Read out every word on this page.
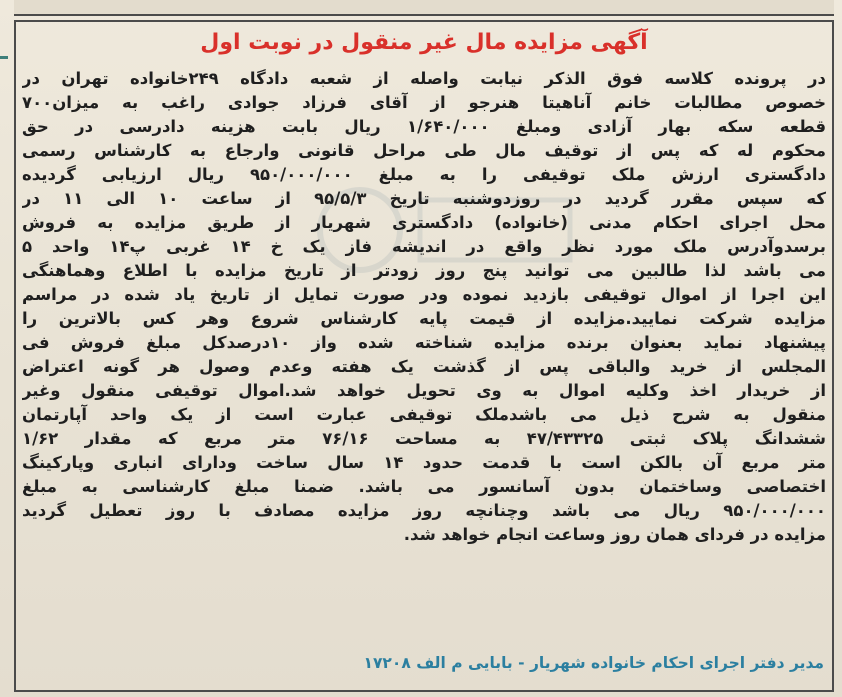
آگهی مزایده مال غیر منقول در نوبت اول
در پرونده کلاسه فوق الذکر نیابت واصله از شعبه دادگاه ۲۴۹خانواده تهران در
خصوص مطالبات خانم آناهیتا هنرجو از آقای فرزاد جوادی راغب به میزان۷۰۰
قطعه سکه بهار آزادی ومبلغ ۱/۶۴۰/۰۰۰ ریال بابت هزینه دادرسی در حق
محکوم له که پس از توقیف مال طی مراحل قانونی وارجاع به کارشناس رسمی
دادگستری ارزش ملک توقیفی را به مبلغ ۹۵۰/۰۰۰/۰۰۰ ریال ارزیابی گردیده
که سپس مقرر گردید در روزدوشنبه تاریخ ۹۵/۵/۳ از ساعت ۱۰ الی ۱۱ در
محل اجرای احکام مدنی (خانواده) دادگستری شهریار از طریق مزایده به فروش
برسدوآدرس ملک مورد نظر واقع در اندیشه فاز یک خ ۱۴ غربی پ۱۴ واحد ۵
می باشد لذا طالبین می توانید پنج روز زودتر از تاریخ مزایده با اطلاع وهماهنگی
این اجرا از اموال توقیفی بازدید نموده ودر صورت تمایل از تاریخ یاد شده در مراسم
مزایده شرکت نمایید.مزایده از قیمت پایه کارشناس شروع وهر کس بالاترین را
پیشنهاد نماید بعنوان برنده مزایده شناخته شده واز ۱۰درصدکل مبلغ فروش فی
المجلس از خرید والباقی پس از گذشت یک هفته وعدم وصول هر گونه اعتراض
از خریدار اخذ وکلیه اموال به وی تحویل خواهد شد.اموال توقیفی منقول وغیر
منقول به شرح ذیل می باشدملک توقیفی عبارت است از یک واحد آپارتمان
ششدانگ پلاک ثبتی ۴۷/۴۳۳۲۵ به مساحت ۷۶/۱۶ متر مربع که مقدار ۱/۶۲
متر مربع آن بالکن است با قدمت حدود ۱۴ سال ساخت ودارای انباری وپارکینگ
اختصاصی وساختمان بدون آسانسور می باشد. ضمنا مبلغ کارشناسی به مبلغ
۹۵۰/۰۰۰/۰۰۰ ریال می باشد وچنانچه روز مزایده مصادف با روز تعطیل گردید
مزایده در فردای همان روز وساعت انجام خواهد شد.
مدیر دفتر اجرای احکام خانواده شهریار - بابایی م الف ۱۷۲۰۸
